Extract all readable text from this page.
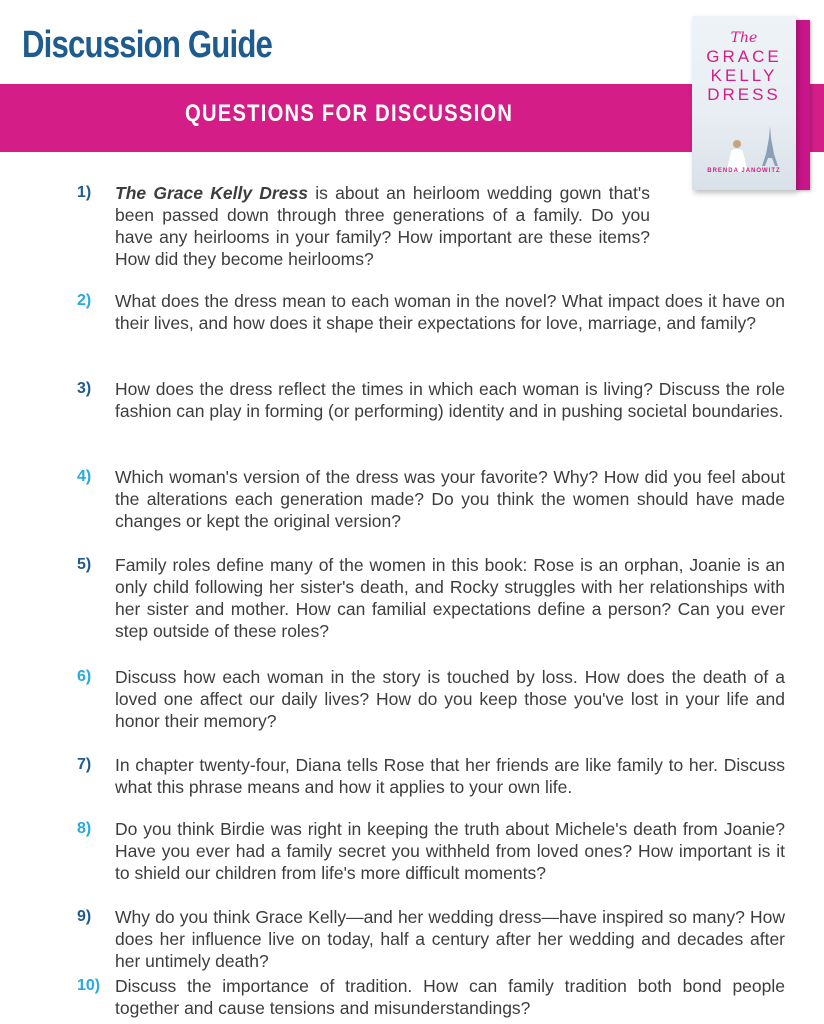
Discussion Guide
QUESTIONS FOR DISCUSSION
The
GRACE
KELLY
DRESS
BRENDA JANOWITZ
1) The Grace Kelly Dress is about an heirloom wedding gown that's been passed down through three generations of a family. Do you have any heirlooms in your family? How important are these items? How did they become heirlooms?
2) What does the dress mean to each woman in the novel? What impact does it have on their lives, and how does it shape their expectations for love, marriage, and family?
3) How does the dress reflect the times in which each woman is living? Discuss the role fashion can play in forming (or performing) identity and in pushing societal boundaries.
4) Which woman's version of the dress was your favorite? Why? How did you feel about the alterations each generation made? Do you think the women should have made changes or kept the original version?
5) Family roles define many of the women in this book: Rose is an orphan, Joanie is an only child following her sister's death, and Rocky struggles with her relationships with her sister and mother. How can familial expectations define a person? Can you ever step outside of these roles?
6) Discuss how each woman in the story is touched by loss. How does the death of a loved one affect our daily lives? How do you keep those you've lost in your life and honor their memory?
7) In chapter twenty-four, Diana tells Rose that her friends are like family to her. Discuss what this phrase means and how it applies to your own life.
8) Do you think Birdie was right in keeping the truth about Michele's death from Joanie? Have you ever had a family secret you withheld from loved ones? How important is it to shield our children from life's more difficult moments?
9) Why do you think Grace Kelly—and her wedding dress—have inspired so many? How does her influence live on today, half a century after her wedding and decades after her untimely death?
10) Discuss the importance of tradition. How can family tradition both bond people together and cause tensions and misunderstandings?
